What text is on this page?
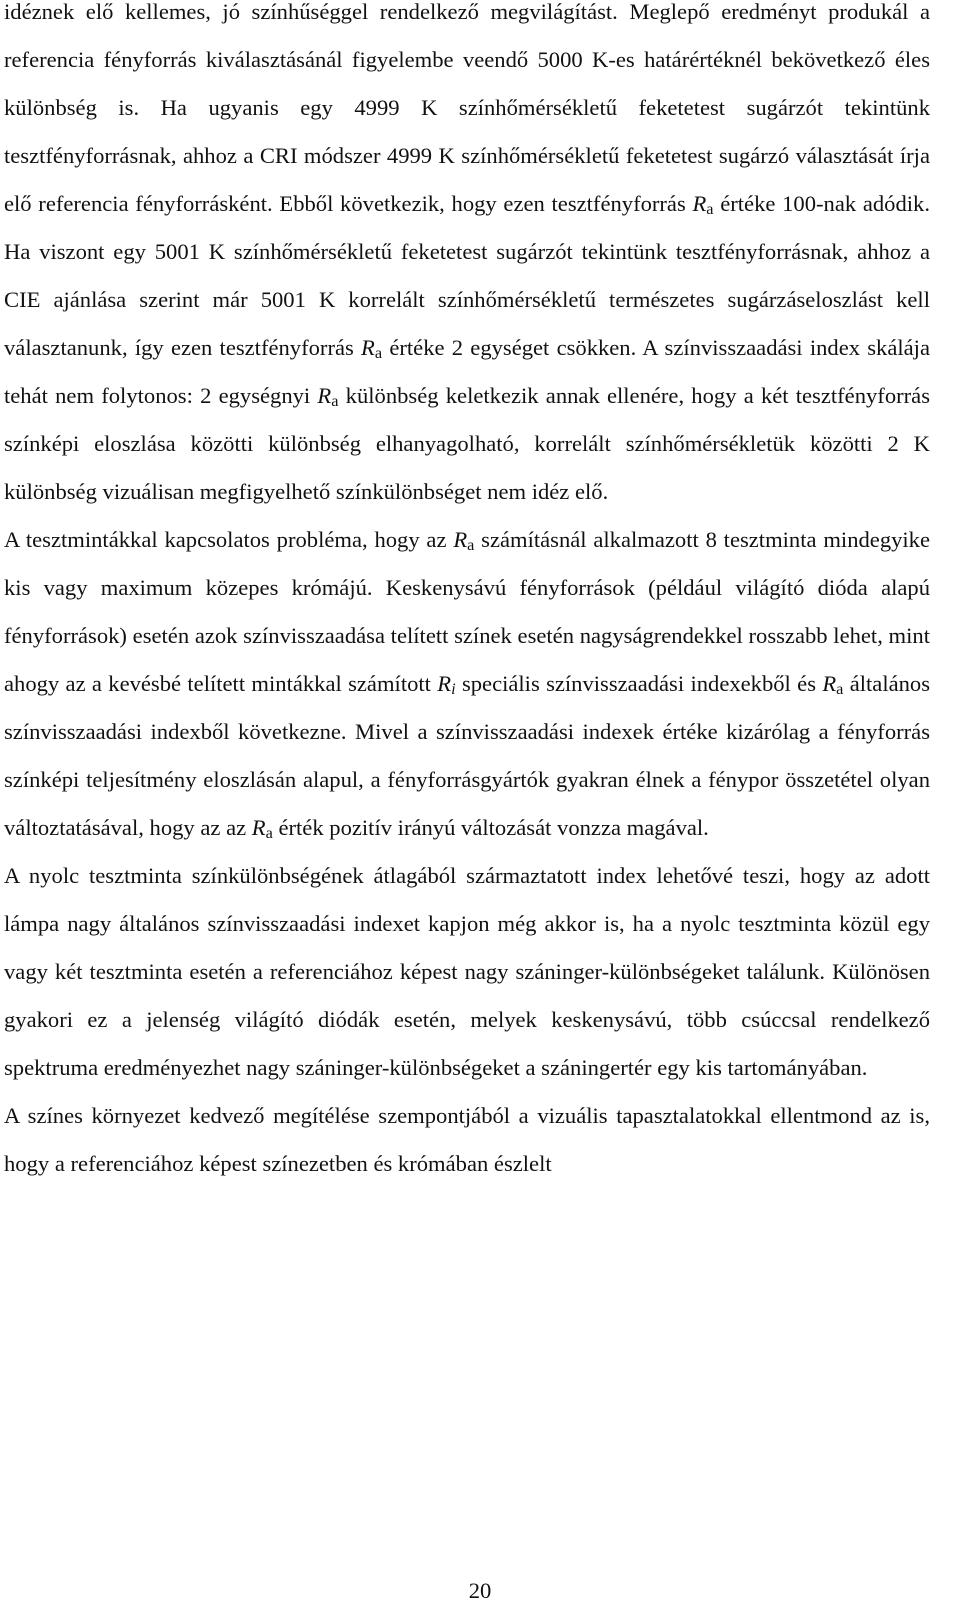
idéznek elő kellemes, jó színhűséggel rendelkező megvilágítást. Meglepő eredményt produkál a referencia fényforrás kiválasztásánál figyelembe veendő 5000 K-es határértéknél bekövetkező éles különbség is. Ha ugyanis egy 4999 K színhőmérsékletű feketetest sugárzót tekintünk tesztfényforrásnak, ahhoz a CRI módszer 4999 K színhőmérsékletű feketetest sugárzó választását írja elő referencia fényforrásként. Ebből következik, hogy ezen tesztfényforrás $R_a$ értéke 100-nak adódik. Ha viszont egy 5001 K színhőmérsékletű feketetest sugárzót tekintünk tesztfényforrásnak, ahhoz a CIE ajánlása szerint már 5001 K korrelált színhőmérsékletű természetes sugárzáseloszlást kell választanunk, így ezen tesztfényforrás $R_a$ értéke 2 egységet csökken. A színvisszaadási index skálája tehát nem folytonos: 2 egységnyi $R_a$ különbség keletkezik annak ellenére, hogy a két tesztfényforrás színképi eloszlása közötti különbség elhanyagolható, korrelált színhőmérsékletük közötti 2 K különbség vizuálisan megfigyelhető színkülönbséget nem idéz elő.

A tesztmintákkal kapcsolatos probléma, hogy az $R_a$ számításnál alkalmazott 8 tesztminta mindegyike kis vagy maximum közepes krómájú. Keskenysávú fényforrások (például világító dióda alapú fényforrások) esetén azok színvisszaadása telített színek esetén nagyságrendekkel rosszabb lehet, mint ahogy az a kevésbé telített mintákkal számított $R_i$ speciális színvisszaadási indexekből és $R_a$ általános színvisszaadási indexből következne. Mivel a színvisszaadási indexek értéke kizárólag a fényforrás színképi teljesítmény eloszlásán alapul, a fényforrásgyártók gyakran élnek a fénypor összetétel olyan változtatásával, hogy az az $R_a$ érték pozitív irányú változását vonzza magával.

A nyolc tesztminta színkülönbségének átlagából származtatott index lehetővé teszi, hogy az adott lámpa nagy általános színvisszaadási indexet kapjon még akkor is, ha a nyolc tesztminta közül egy vagy két tesztminta esetén a referenciához képest nagy száninger-különbségeket találunk. Különösen gyakori ez a jelenség világító diódák esetén, melyek keskenysávú, több csúccsal rendelkező spektruma eredményezhet nagy száninger-különbségeket a száningertér egy kis tartományában.

A színes környezet kedvező megítélése szempontjából a vizuális tapasztalatokkal ellentmond az is, hogy a referenciához képest színezetben és krómában észlelt

20
